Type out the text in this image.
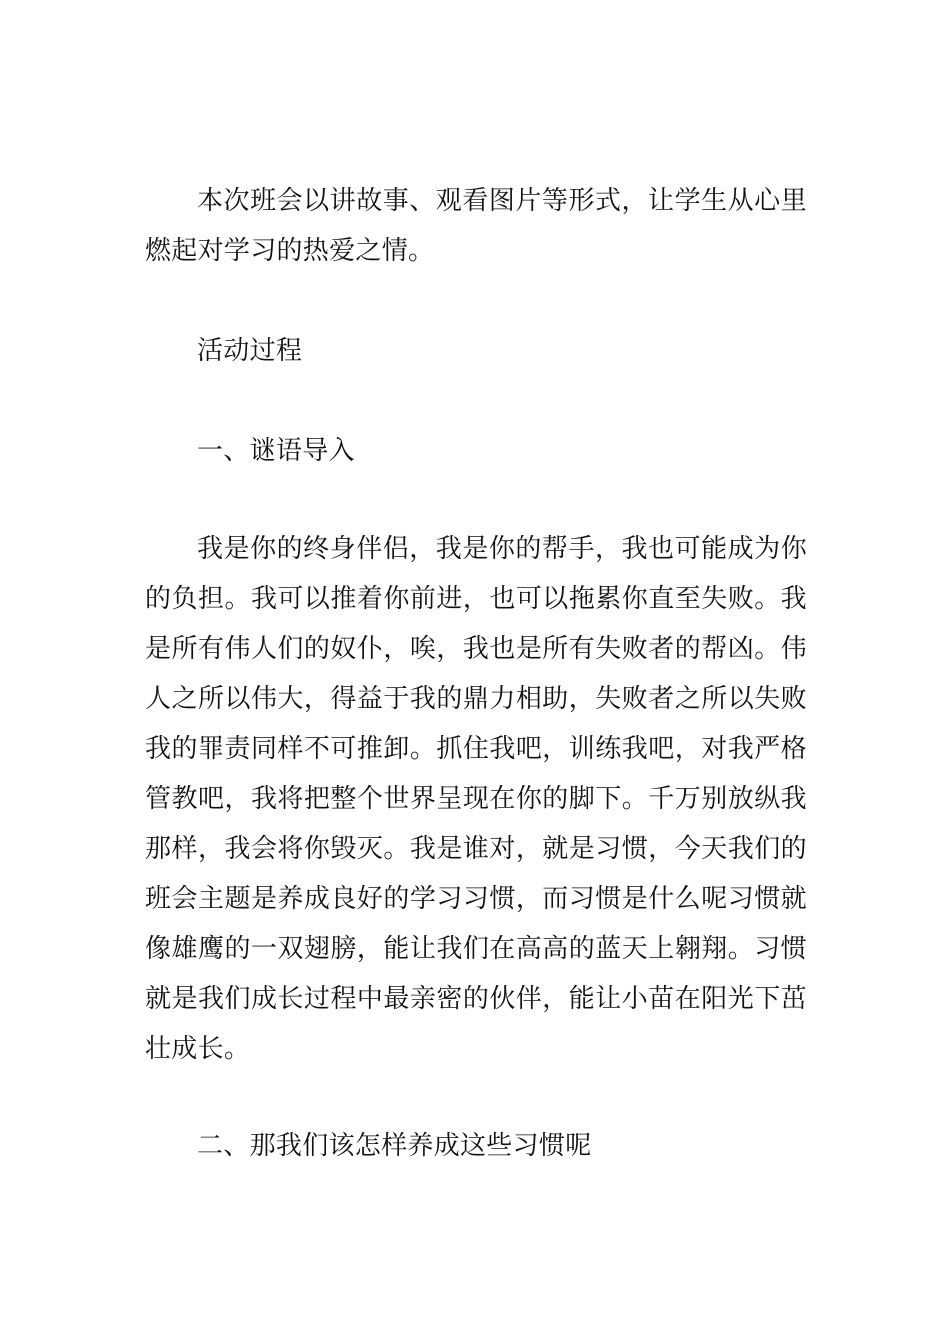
本次班会以讲故事、观看图片等形式，让学生从心里燃起对学习的热爱之情。

活动过程

一、谜语导入

我是你的终身伴侣，我是你的帮手，我也可能成为你的负担。我可以推着你前进，也可以拖累你直至失败。我是所有伟人们的奴仆，唉，我也是所有失败者的帮凶。伟人之所以伟大，得益于我的鼎力相助，失败者之所以失败我的罪责同样不可推卸。抓住我吧，训练我吧，对我严格管教吧，我将把整个世界呈现在你的脚下。千万别放纵我那样，我会将你毁灭。我是谁对，就是习惯，今天我们的班会主题是养成良好的学习习惯，而习惯是什么呢习惯就像雄鹰的一双翅膀，能让我们在高高的蓝天上翱翔。习惯就是我们成长过程中最亲密的伙伴，能让小苗在阳光下茁壮成长。

二、那我们该怎样养成这些习惯呢
